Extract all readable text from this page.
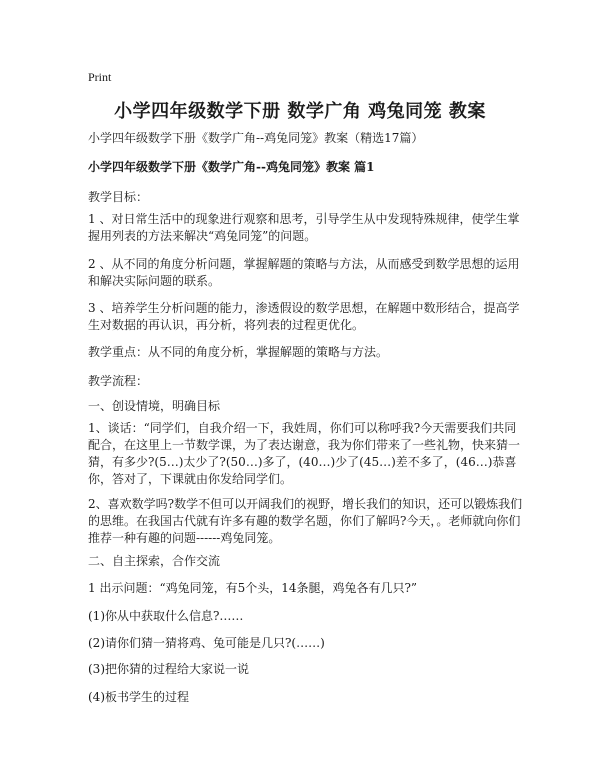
Print
小学四年级数学下册 数学广角 鸡兔同笼 教案
小学四年级数学下册《数学广角--鸡兔同笼》教案（精选17篇）
小学四年级数学下册《数学广角--鸡兔同笼》教案 篇1
教学目标：
1 、对日常生活中的现象进行观察和思考，引导学生从中发现特殊规律，使学生掌握用列表的方法来解决“鸡兔同笼”的问题。
2 、从不同的角度分析问题，掌握解题的策略与方法，从而感受到数学思想的运用和解决实际问题的联系。
3 、培养学生分析问题的能力，渗透假设的数学思想，在解题中数形结合，提高学生对数据的再认识，再分析，将列表的过程更优化。
教学重点：从不同的角度分析，掌握解题的策略与方法。
教学流程：
一、创设情境，明确目标
1、谈话：“同学们，自我介绍一下，我姓周，你们可以称呼我?今天需要我们共同配合，在这里上一节数学课，为了表达谢意，我为你们带来了一些礼物，快来猜一猜，有多少?(5…)太少了?(50…)多了，(40…)少了(45…)差不多了，(46…)恭喜你，答对了，下课就由你发给同学们。
2、喜欢数学吗?数学不但可以开阔我们的视野，增长我们的知识，还可以锻炼我们的思维。在我国古代就有许多有趣的数学名题，你们了解吗?今天，。老师就向你们推荐一种有趣的问题------鸡兔同笼。
二、自主探索，合作交流
1 出示问题：“鸡兔同笼，有5个头，14条腿，鸡兔各有几只?”
(1)你从中获取什么信息?……
(2)请你们猜一猜将鸡、兔可能是几只?(……)
(3)把你猜的过程给大家说一说
(4)板书学生的过程
